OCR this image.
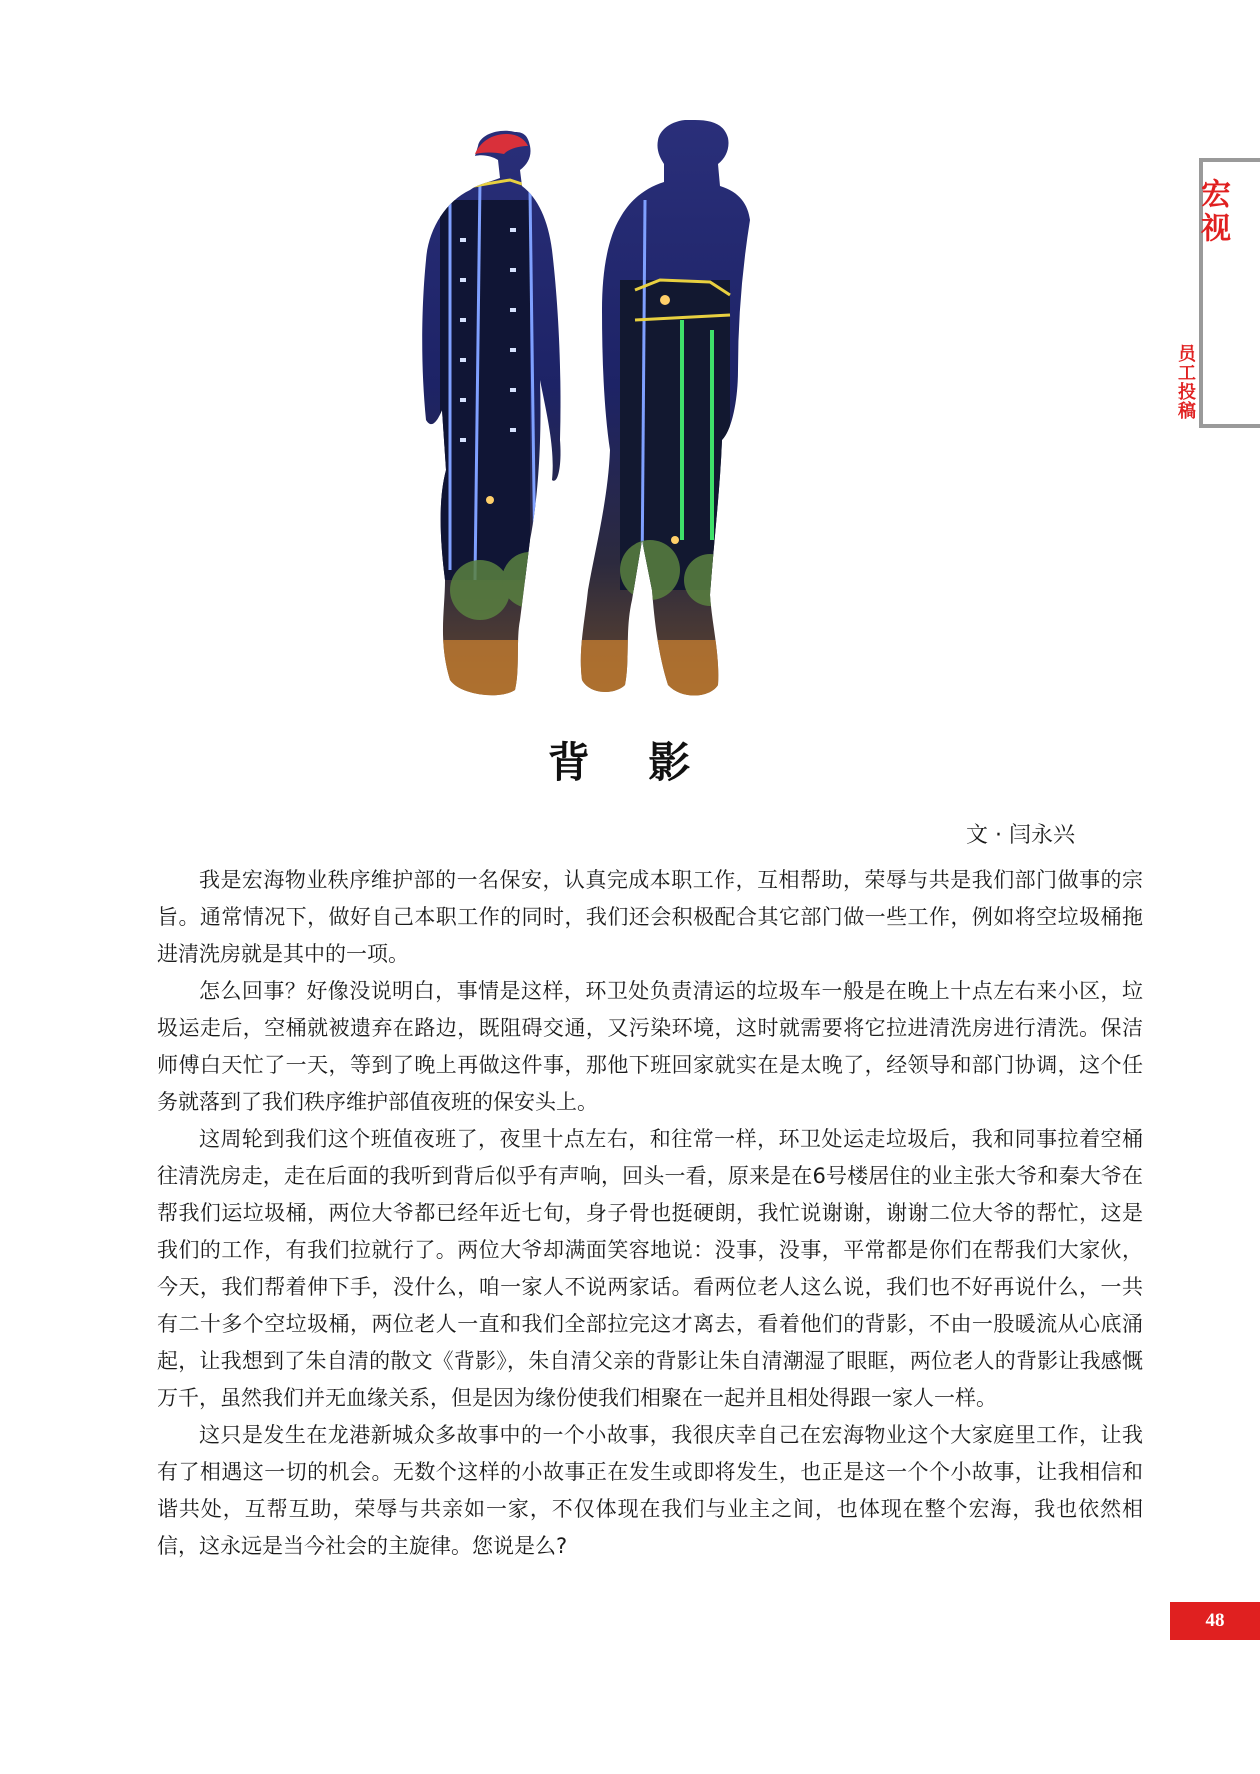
宏视
员工投稿
背 影
文 · 闫永兴

我是宏海物业秩序维护部的一名保安，认真完成本职工作，互相帮助，荣辱与共是我们部门做事的宗旨。通常情况下，做好自己本职工作的同时，我们还会积极配合其它部门做一些工作，例如将空垃圾桶拖进清洗房就是其中的一项。

怎么回事？好像没说明白，事情是这样，环卫处负责清运的垃圾车一般是在晚上十点左右来小区，垃圾运走后，空桶就被遗弃在路边，既阻碍交通，又污染环境，这时就需要将它拉进清洗房进行清洗。保洁师傅白天忙了一天，等到了晚上再做这件事，那他下班回家就实在是太晚了，经领导和部门协调，这个任务就落到了我们秩序维护部值夜班的保安头上。

这周轮到我们这个班值夜班了，夜里十点左右，和往常一样，环卫处运走垃圾后，我和同事拉着空桶往清洗房走，走在后面的我听到背后似乎有声响，回头一看，原来是在6号楼居住的业主张大爷和秦大爷在帮我们运垃圾桶，两位大爷都已经年近七旬，身子骨也挺硬朗，我忙说谢谢，谢谢二位大爷的帮忙，这是我们的工作，有我们拉就行了。两位大爷却满面笑容地说：没事，没事，平常都是你们在帮我们大家伙，今天，我们帮着伸下手，没什么，咱一家人不说两家话。看两位老人这么说，我们也不好再说什么，一共有二十多个空垃圾桶，两位老人一直和我们全部拉完这才离去，看着他们的背影，不由一股暖流从心底涌起，让我想到了朱自清的散文《背影》，朱自清父亲的背影让朱自清潮湿了眼眶，两位老人的背影让我感慨万千，虽然我们并无血缘关系，但是因为缘份使我们相聚在一起并且相处得跟一家人一样。

这只是发生在龙港新城众多故事中的一个小故事，我很庆幸自己在宏海物业这个大家庭里工作，让我有了相遇这一切的机会。无数个这样的小故事正在发生或即将发生，也正是这一个个小故事，让我相信和谐共处，互帮互助，荣辱与共亲如一家，不仅体现在我们与业主之间，也体现在整个宏海，我也依然相信，这永远是当今社会的主旋律。您说是么?

48
